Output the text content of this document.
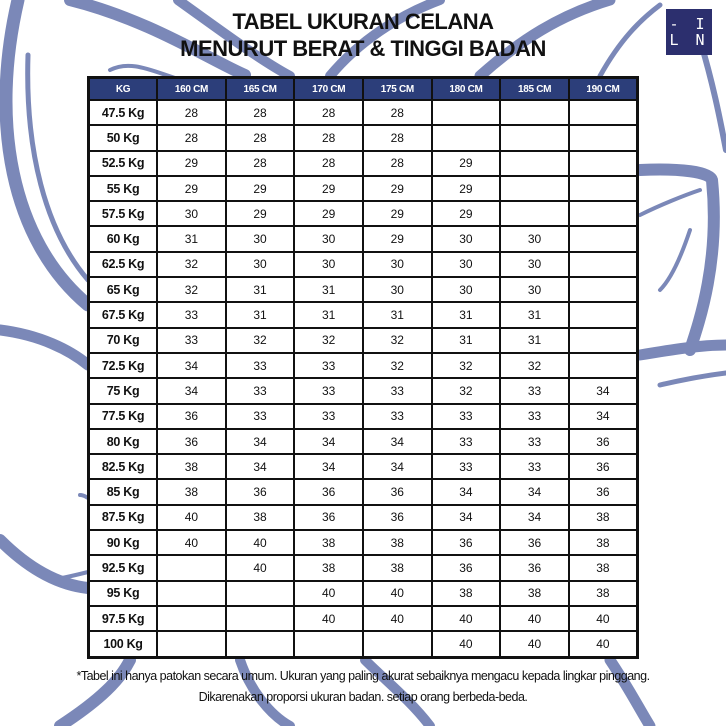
TABEL UKURAN CELANA
MENURUT BERAT & TINGGI BADAN
‐ I
L N
KG	160 CM	165 CM	170 CM	175 CM	180 CM	185 CM	190 CM
47.5 Kg	28	28	28	28			
50 Kg	28	28	28	28			
52.5 Kg	29	28	28	28	29		
55 Kg	29	29	29	29	29		
57.5 Kg	30	29	29	29	29		
60 Kg	31	30	30	29	30	30	
62.5 Kg	32	30	30	30	30	30	
65 Kg	32	31	31	30	30	30	
67.5 Kg	33	31	31	31	31	31	
70 Kg	33	32	32	32	31	31	
72.5 Kg	34	33	33	32	32	32	
75 Kg	34	33	33	33	32	33	34
77.5 Kg	36	33	33	33	33	33	34
80 Kg	36	34	34	34	33	33	36
82.5 Kg	38	34	34	34	33	33	36
85 Kg	38	36	36	36	34	34	36
87.5 Kg	40	38	36	36	34	34	38
90 Kg	40	40	38	38	36	36	38
92.5 Kg		40	38	38	36	36	38
95 Kg			40	40	38	38	38
97.5 Kg			40	40	40	40	40
100 Kg					40	40	40
*Tabel ini hanya patokan secara umum. Ukuran yang paling akurat sebaiknya mengacu kepada lingkar pinggang.
Dikarenakan proporsi ukuran badan. setiap orang berbeda-beda.
